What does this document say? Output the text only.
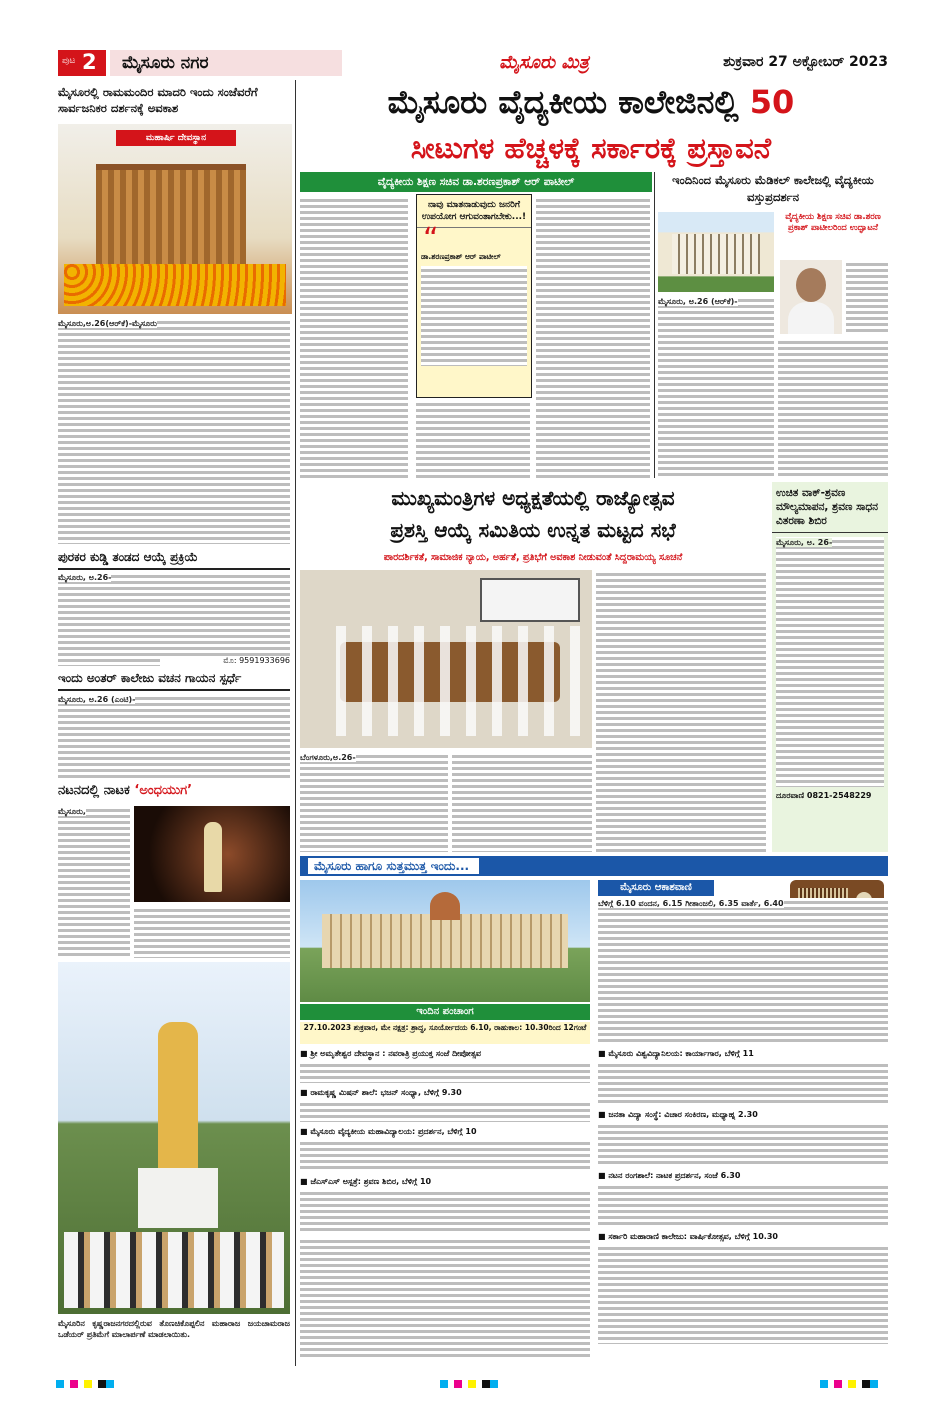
ಪುಟ 2	ಮೈಸೂರು ನಗರ	ಮೈಸೂರು ಮಿತ್ರ	ಶುಕ್ರವಾರ 27 ಅಕ್ಟೋಬರ್ 2023
ಮೈಸೂರಲ್ಲಿ ರಾಮಮಂದಿರ ಮಾದರಿ ಇಂದು ಸಂಜೆವರೆಗೆ ಸಾರ್ವಜನಿಕರ ದರ್ಶನಕ್ಕೆ ಅವಕಾಶ
ಮಹಾರ್ಷಿ ದೇವಸ್ಥಾನ
ಮೈಸೂರು,ಅ.26(ಆರ್‌ಕೆ)-ಮೈಸೂರು
ಪುರಕರ ಕುಡ್ಡಿ ತಂಡದ ಆಯ್ಕೆ ಪ್ರಕ್ರಿಯೆ
ಮೈಸೂರು, ಅ.26-
ಮೊ: 9591933696
ಇಂದು ಅಂತರ್ ಕಾಲೇಜು ವಚನ ಗಾಯನ ಸ್ಪರ್ಧೆ
ಮೈಸೂರು, ಅ.26 (ಎಂಟಿ)-
ನಟನದಲ್ಲಿ ನಾಟಕ ‘ಅಂಧಯುಗ’
ಮೈಸೂರು,
ಮೈಸೂರಿನ ಕೃಷ್ಣರಾಜನಗರದಲ್ಲಿರುವ ತೊಣಚಿಕೊಪ್ಪಲಿನ ಮಹಾರಾಜ ಜಯಚಾಮರಾಜ ಒಡೆಯರ್ ಪ್ರತಿಮೆಗೆ ಮಾಲಾರ್ಪಣೆ ಮಾಡಲಾಯಿತು.
ಮೈಸೂರು ವೈದ್ಯಕೀಯ ಕಾಲೇಜಿನಲ್ಲಿ 50
ಸೀಟುಗಳ ಹೆಚ್ಚಳಕ್ಕೆ ಸರ್ಕಾರಕ್ಕೆ ಪ್ರಸ್ತಾವನೆ
ವೈದ್ಯಕೀಯ ಶಿಕ್ಷಣ ಸಚಿವ ಡಾ.ಶರಣಪ್ರಕಾಶ್ ಆರ್ ಪಾಟೀಲ್
ನಾವು ಮಾತನಾಡುವುದು ಜನರಿಗೆ ಉಪಯೋಗ ಆಗುವಂತಾಗಬೇಕು...!
“
ಡಾ.ಶರಣಪ್ರಕಾಶ್ ಆರ್ ಪಾಟೀಲ್
ಇಂದಿನಿಂದ ಮೈಸೂರು ಮೆಡಿಕಲ್ ಕಾಲೇಜಲ್ಲಿ ವೈದ್ಯಕೀಯ ವಸ್ತುಪ್ರದರ್ಶನ
ವೈದ್ಯಕೀಯ ಶಿಕ್ಷಣ ಸಚಿವ ಡಾ.ಶರಣ ಪ್ರಕಾಶ್ ಪಾಟೀಲರಿಂದ ಉದ್ಘಾಟನೆ
ಮೈಸೂರು, ಅ.26 (ಆರ್‌ಕೆ)-
ಮುಖ್ಯಮಂತ್ರಿಗಳ ಅಧ್ಯಕ್ಷತೆಯಲ್ಲಿ ರಾಜ್ಯೋತ್ಸವ
ಪ್ರಶಸ್ತಿ ಆಯ್ಕೆ ಸಮಿತಿಯ ಉನ್ನತ ಮಟ್ಟದ ಸಭೆ
ಪಾರದರ್ಶಿಕತೆ, ಸಾಮಾಜಿಕ ನ್ಯಾಯ, ಅರ್ಹತೆ, ಪ್ರತಿಭೆಗೆ ಅವಕಾಶ ನೀಡುವಂತೆ ಸಿದ್ದರಾಮಯ್ಯ ಸೂಚನೆ
ಬೆಂಗಳೂರು,ಅ.26-
ಉಚಿತ ವಾಕ್-ಶ್ರವಣ ಮೌಲ್ಯಮಾಪನ, ಶ್ರವಣ ಸಾಧನ ವಿತರಣಾ ಶಿಬಿರ
ಮೈಸೂರು, ಅ. 26-
ದೂರವಾಣಿ 0821-2548229
ಮೈಸೂರು ಹಾಗೂ ಸುತ್ತಮುತ್ತ ಇಂದು...
ಇಂದಿನ ಪಂಚಾಂಗ
27.10.2023 ಶುಕ್ರವಾರ, ಮೇ ನಕ್ಷತ್ರ: ಶ್ರಾದ್ಧ, ಸೂರ್ಯೋದಯ 6.10, ರಾಹುಕಾಲ: 10.30ರಿಂದ 12ಗಂಟೆ
ಮೈಸೂರು ಆಕಾಶವಾಣಿ
ಬೆಳಿಗ್ಗೆ 6.10 ವಂದನ, 6.15 ಗೀತಾಂಜಲಿ, 6.35 ವಾರ್ತೆ, 6.40
■ ಶ್ರೀ ಅಮೃತೇಶ್ವರ ದೇವಸ್ಥಾನ : ನವರಾತ್ರಿ ಪ್ರಯುಕ್ತ ಸಂಜೆ ದೀಪೋತ್ಸವ
■ ರಾಮಕೃಷ್ಣ ಮಿಷನ್ ಶಾಲೆ: ಭಜನ್ ಸಂಧ್ಯಾ, ಬೆಳಿಗ್ಗೆ 9.30
■ ಮೈಸೂರು ವೈದ್ಯಕೀಯ ಮಹಾವಿದ್ಯಾಲಯ: ಪ್ರದರ್ಶನ, ಬೆಳಿಗ್ಗೆ 10
■ ಜೆಎಸ್‌ಎಸ್ ಅಸ್ಪತ್ರೆ: ಶ್ರವಣ ಶಿಬಿರ, ಬೆಳಿಗ್ಗೆ 10
■ ಮೈಸೂರು ವಿಶ್ವವಿದ್ಯಾನಿಲಯ: ಕಾರ್ಯಾಗಾರ, ಬೆಳಿಗ್ಗೆ 11
■ ಜನತಾ ವಿದ್ಯಾ ಸಂಸ್ಥೆ: ವಿಚಾರ ಸಂಕಿರಣ, ಮಧ್ಯಾಹ್ನ 2.30
■ ನಟನ ರಂಗಶಾಲೆ: ನಾಟಕ ಪ್ರದರ್ಶನ, ಸಂಜೆ 6.30
■ ಸರ್ಕಾರಿ ಮಹಾರಾಣಿ ಕಾಲೇಜು: ವಾರ್ಷಿಕೋತ್ಸವ, ಬೆಳಿಗ್ಗೆ 10.30
